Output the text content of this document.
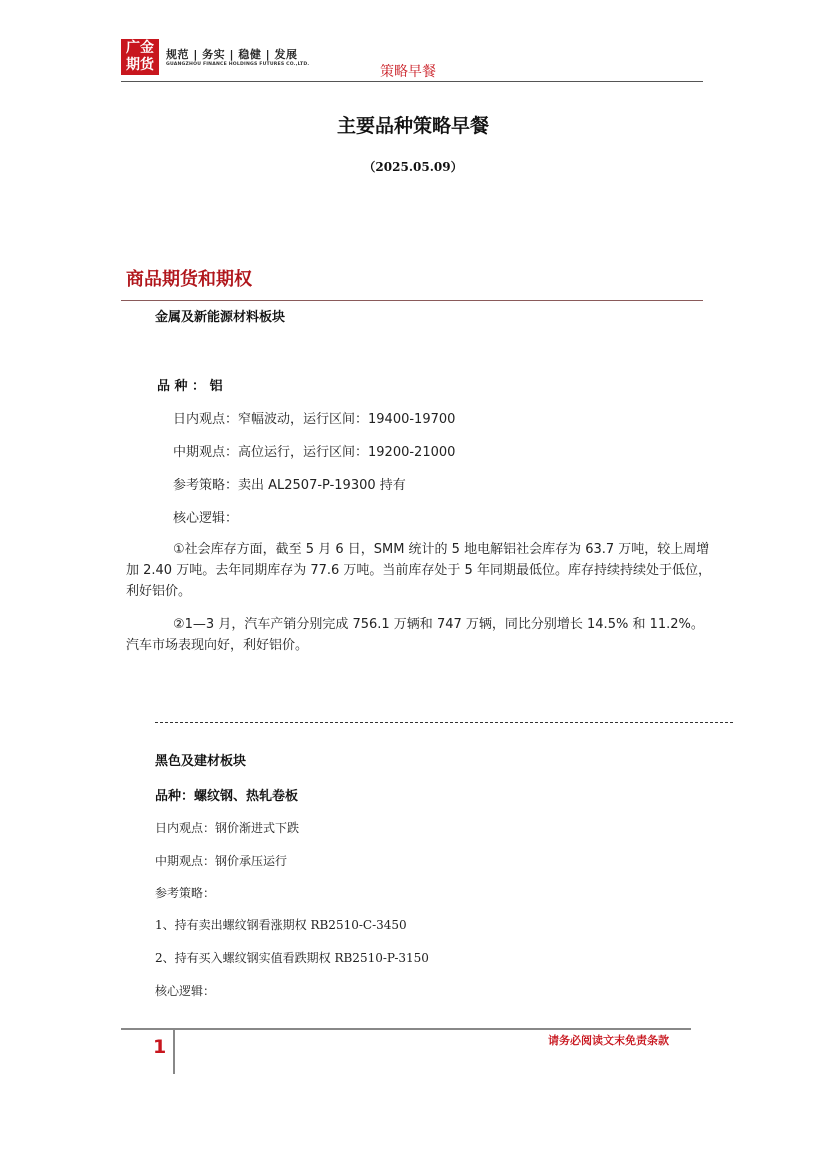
广金
期货
规范 | 务实 | 稳健 | 发展
GUANGZHOU FINANCE HOLDINGS FUTURES CO.,LTD.	策略早餐
主要品种策略早餐
（2025.05.09）
商品期货和期权
金属及新能源材料板块
品 种 ： 铝
日内观点：窄幅波动，运行区间：19400-19700
中期观点：高位运行，运行区间：19200-21000
参考策略：卖出 AL2507-P-19300 持有
核心逻辑：
①社会库存方面，截至 5 月 6 日，SMM 统计的 5 地电解铝社会库存为 63.7 万吨，较上周增加 2.40 万吨。去年同期库存为 77.6 万吨。当前库存处于 5 年同期最低位。库存持续持续处于低位，利好铝价。
②1—3 月，汽车产销分别完成 756.1 万辆和 747 万辆，同比分别增长 14.5% 和 11.2%。汽车市场表现向好，利好铝价。
黑色及建材板块
品种：螺纹钢、热轧卷板
日内观点：钢价渐进式下跌
中期观点：钢价承压运行
参考策略：
1、持有卖出螺纹钢看涨期权 RB2510-C-3450
2、持有买入螺纹钢实值看跌期权 RB2510-P-3150
核心逻辑：
1	请务必阅读文末免责条款
